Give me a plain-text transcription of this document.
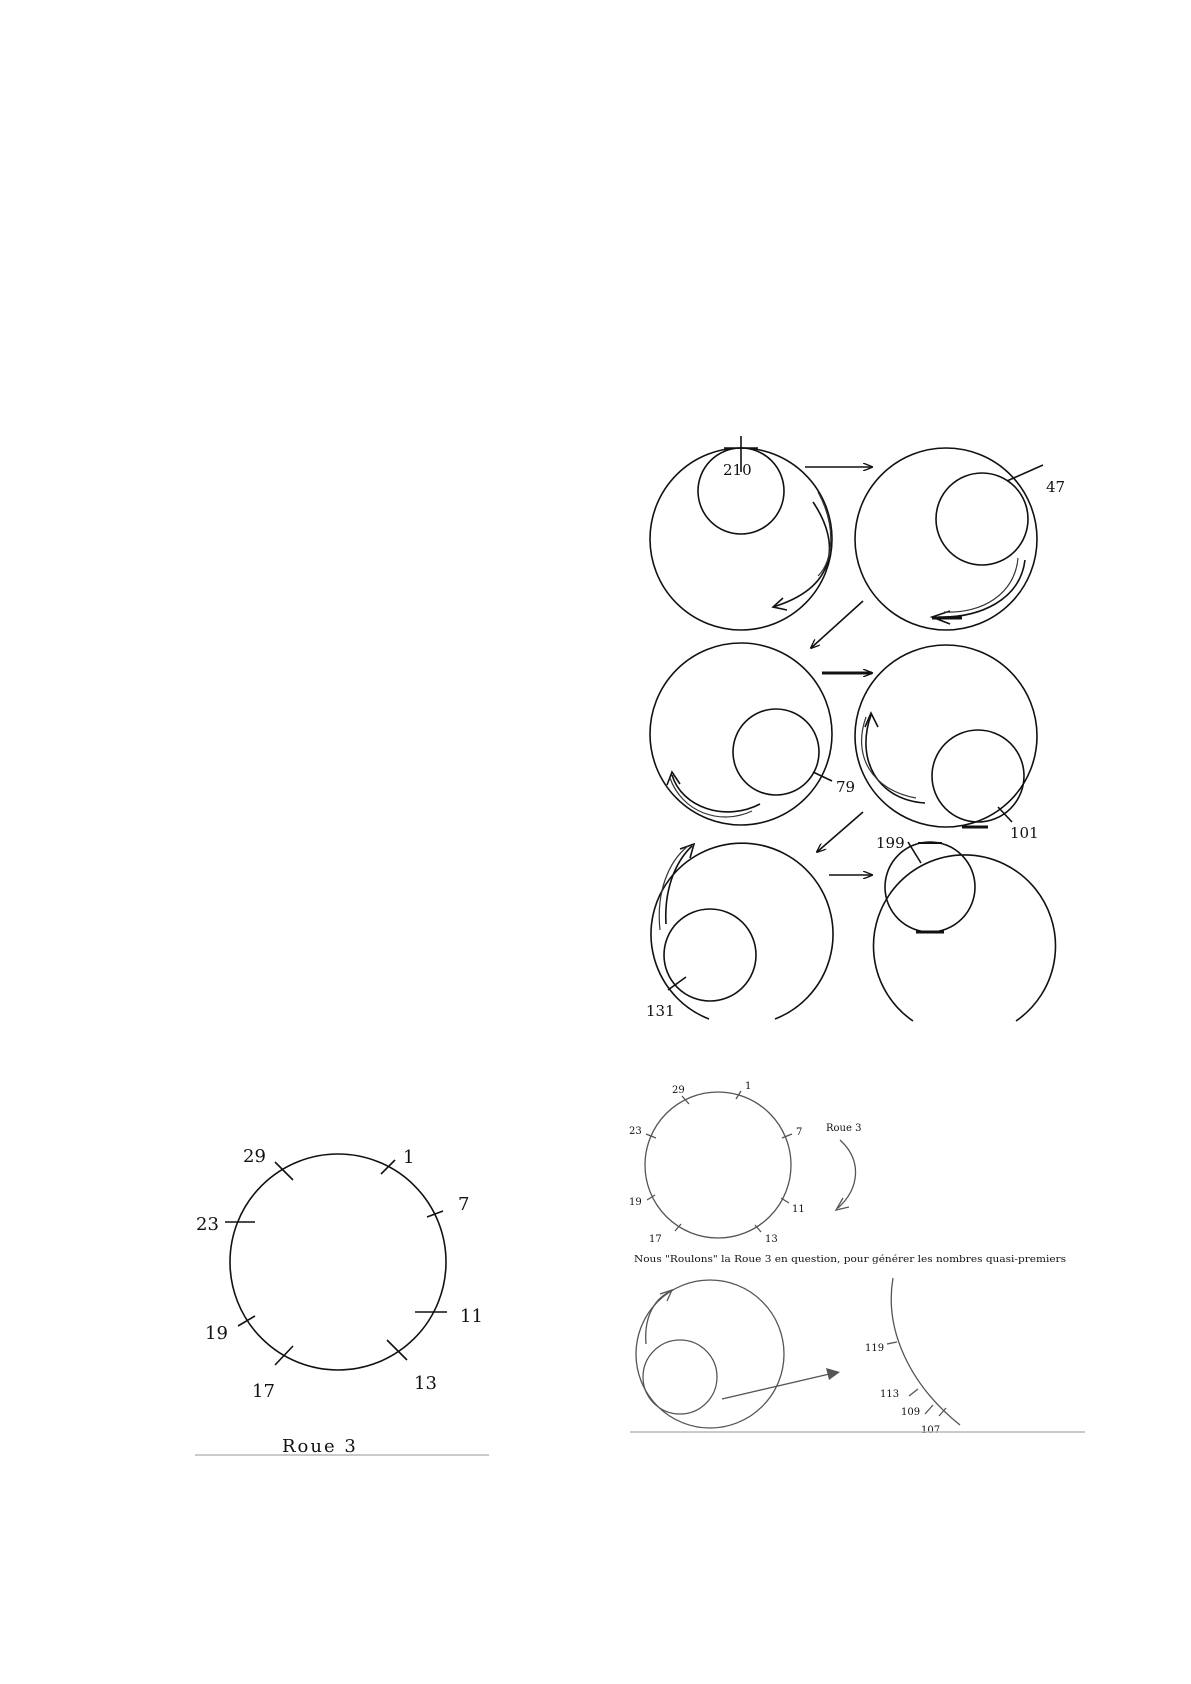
210
47
79
101
131
199
1
7
11
13
17
19
23
29
Roue 3
1
7
11
13
17
19
23
29
Roue 3
Nous "Roulons" la Roue 3 en question, pour générer les nombres quasi-premiers
119
113
109
107
